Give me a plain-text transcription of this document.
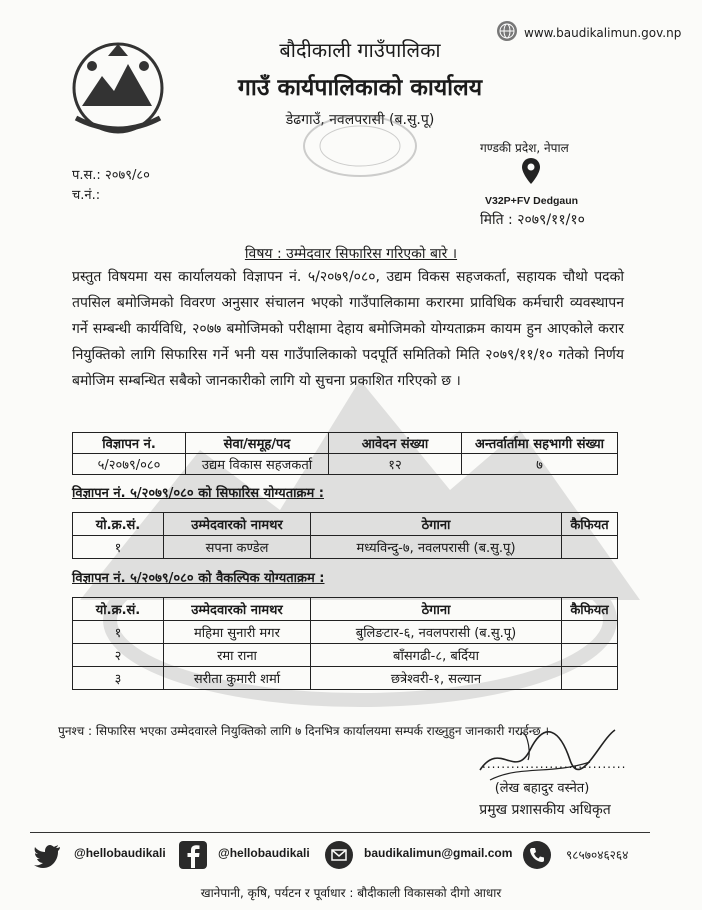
बौदीकाली गाउँपालिका
गाउँ कार्यपालिकाको कार्यालय
डेढगाउँ, नवलपरासी (ब.सु.पू)
www.baudikalimun.gov.np
गण्डकी प्रदेश, नेपाल
V32P+FV Dedgaun
मिति : २०७९/११/१०
प.स.: २०७९/८०
च.नं.:
विषय : उम्मेदवार सिफारिस गरिएको बारे ।
प्रस्तुत विषयमा यस कार्यालयको विज्ञापन नं. ५/२०७९/०८०, उद्यम विकस सहजकर्ता, सहायक चौथो पदको तपसिल बमोजिमको विवरण अनुसार संचालन भएको गाउँपालिकामा करारमा प्राविधिक कर्मचारी व्यवस्थापन गर्ने सम्बन्धी कार्यविधि, २०७७ बमोजिमको परीक्षामा देहाय बमोजिमको योग्यताक्रम कायम हुन आएकोले करार नियुक्तिको लागि सिफारिस गर्ने भनी यस गाउँपालिकाको पदपूर्ति समितिको मिति २०७९/११/१० गतेको निर्णय बमोजिम सम्बन्धित सबैको जानकारीको लागि यो सुचना प्रकाशित गरिएको छ ।
विज्ञापन नं.	सेवा/समूह/पद	आवेदन संख्या	अन्तर्वार्तामा सहभागी संख्या
५/२०७९/०८०	उद्यम विकास सहजकर्ता	१२	७
विज्ञापन नं. ५/२०७९/०८० को सिफारिस योग्यताक्रम :
यो.क्र.सं.	उम्मेदवारको नामथर	ठेगाना	कैफियत
१	सपना कण्डेल	मध्यविन्दु-७, नवलपरासी (ब.सु.पू)	
विज्ञापन नं. ५/२०७९/०८० को वैकल्पिक योग्यताक्रम :
यो.क्र.सं.	उम्मेदवारको नामथर	ठेगाना	कैफियत
१	महिमा सुनारी मगर	बुलिङटार-६, नवलपरासी (ब.सु.पू)	
२	रमा राना	बाँसगढी-८, बर्दिया	
३	सरीता कुमारी शर्मा	छत्रेश्वरी-१, सल्यान	
पुनश्च : सिफारिस भएका उम्मेदवारले नियुक्तिको लागि ७ दिनभित्र कार्यालयमा सम्पर्क राख्नुहुन जानकारी गराईन्छ ।
..............................
(लेख बहादुर वस्नेत)
प्रमुख प्रशासकीय अधिकृत
@hellobaudikali	@hellobaudikali	baudikalimun@gmail.com	९८५७०४६२६४
खानेपानी, कृषि, पर्यटन र पूर्वाधार : बौदीकाली विकासको दीगो आधार
